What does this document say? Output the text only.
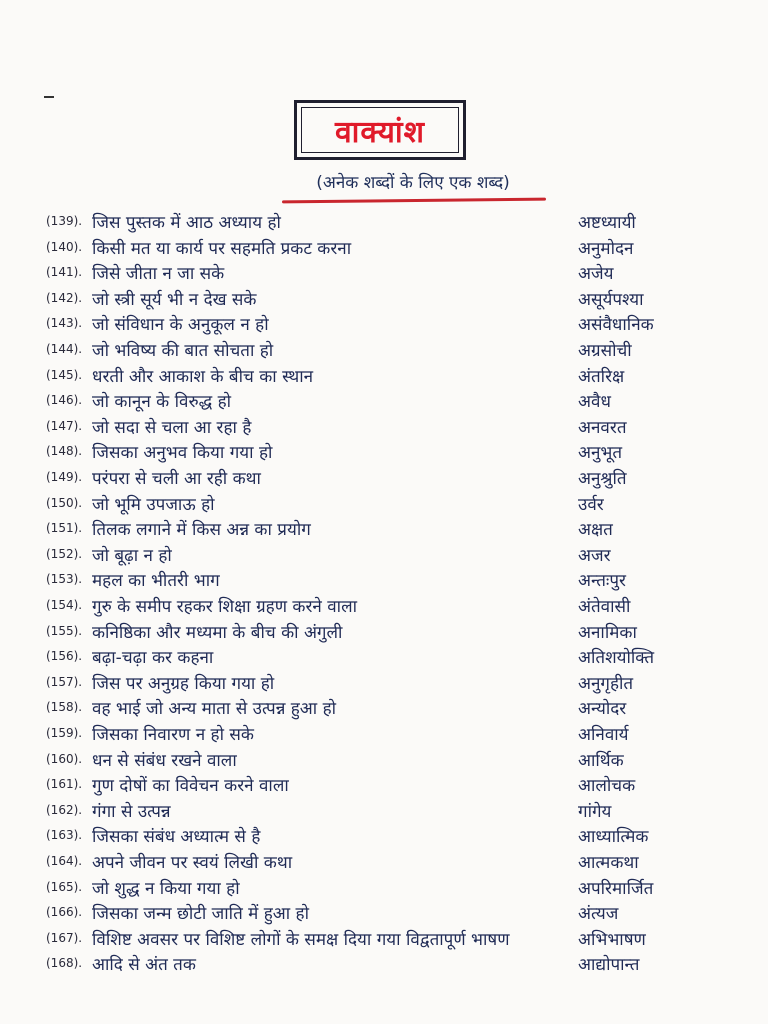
वाक्यांश
(अनेक शब्दों के लिए एक शब्द)
(139). जिस पुस्तक में आठ अध्याय हो	अष्टध्यायी
(140). किसी मत या कार्य पर सहमति प्रकट करना	अनुमोदन
(141). जिसे जीता न जा सके	अजेय
(142). जो स्त्री सूर्य भी न देख सके	असूर्यपश्या
(143). जो संविधान के अनुकूल न हो	असंवैधानिक
(144). जो भविष्य की बात सोचता हो	अग्रसोची
(145). धरती और आकाश के बीच का स्थान	अंतरिक्ष
(146). जो कानून के विरुद्ध हो	अवैध
(147). जो सदा से चला आ रहा है	अनवरत
(148). जिसका अनुभव किया गया हो	अनुभूत
(149). परंपरा से चली आ रही कथा	अनुश्रुति
(150). जो भूमि उपजाऊ हो	उर्वर
(151). तिलक लगाने में किस अन्न का प्रयोग	अक्षत
(152). जो बूढ़ा न हो	अजर
(153). महल का भीतरी भाग	अन्तःपुर
(154). गुरु के समीप रहकर शिक्षा ग्रहण करने वाला	अंतेवासी
(155). कनिष्ठिका और मध्यमा के बीच की अंगुली	अनामिका
(156). बढ़ा-चढ़ा कर कहना	अतिशयोक्ति
(157). जिस पर अनुग्रह किया गया हो	अनुगृहीत
(158). वह भाई जो अन्य माता से उत्पन्न हुआ हो	अन्योदर
(159). जिसका निवारण न हो सके	अनिवार्य
(160). धन से संबंध रखने वाला	आर्थिक
(161). गुण दोषों का विवेचन करने वाला	आलोचक
(162). गंगा से उत्पन्न	गांगेय
(163). जिसका संबंध अध्यात्म से है	आध्यात्मिक
(164). अपने जीवन पर स्वयं लिखी कथा	आत्मकथा
(165). जो शुद्ध न किया गया हो	अपरिमार्जित
(166). जिसका जन्म छोटी जाति में हुआ हो	अंत्यज
(167). विशिष्ट अवसर पर विशिष्ट लोगों के समक्ष दिया गया विद्वतापूर्ण भाषण	अभिभाषण
(168). आदि से अंत तक	आद्योपान्त
